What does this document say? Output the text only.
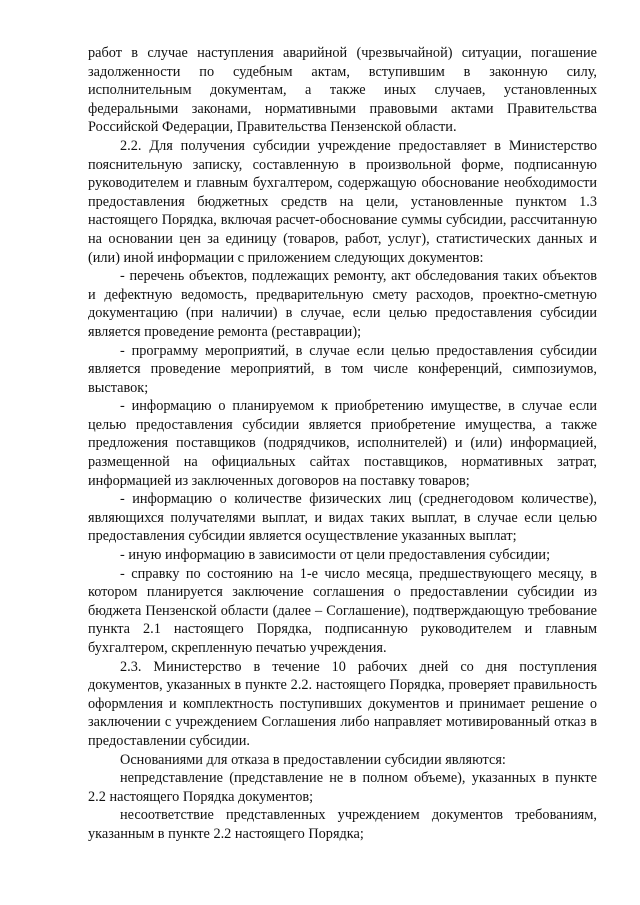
работ в случае наступления аварийной (чрезвычайной) ситуации, погашение задолженности по судебным актам, вступившим в законную силу, исполнительным документам, а также иных случаев, установленных федеральными законами, нормативными правовыми актами Правительства Российской Федерации, Правительства Пензенской области.

2.2. Для получения субсидии учреждение предоставляет в Министерство пояснительную записку, составленную в произвольной форме, подписанную руководителем и главным бухгалтером, содержащую обоснование необходимости предоставления бюджетных средств на цели, установленные пунктом 1.3 настоящего Порядка, включая расчет-обоснование суммы субсидии, рассчитанную на основании цен за единицу (товаров, работ, услуг), статистических данных и (или) иной информации с приложением следующих документов:

- перечень объектов, подлежащих ремонту, акт обследования таких объектов и дефектную ведомость, предварительную смету расходов, проектно-сметную документацию (при наличии) в случае, если целью предоставления субсидии является проведение ремонта (реставрации);

- программу мероприятий, в случае если целью предоставления субсидии является проведение мероприятий, в том числе конференций, симпозиумов, выставок;

- информацию о планируемом к приобретению имуществе, в случае если целью предоставления субсидии является приобретение имущества, а также предложения поставщиков (подрядчиков, исполнителей) и (или) информацией, размещенной на официальных сайтах поставщиков, нормативных затрат, информацией из заключенных договоров на поставку товаров;

- информацию о количестве физических лиц (среднегодовом количестве), являющихся получателями выплат, и видах таких выплат, в случае если целью предоставления субсидии является осуществление указанных выплат;

- иную информацию в зависимости от цели предоставления субсидии;

- справку по состоянию на 1-е число месяца, предшествующего месяцу, в котором планируется заключение соглашения о предоставлении субсидии из бюджета Пензенской области (далее – Соглашение), подтверждающую требование пункта 2.1 настоящего Порядка, подписанную руководителем и главным бухгалтером, скрепленную печатью учреждения.

2.3. Министерство в течение 10 рабочих дней со дня поступления документов, указанных в пункте 2.2. настоящего Порядка, проверяет правильность оформления и комплектность поступивших документов и принимает решение о заключении с учреждением Соглашения либо направляет мотивированный отказ в предоставлении субсидии.

Основаниями для отказа в предоставлении субсидии являются:

непредставление (представление не в полном объеме), указанных в пункте 2.2 настоящего Порядка документов;

несоответствие представленных учреждением документов требованиям, указанным в пункте 2.2 настоящего Порядка;
